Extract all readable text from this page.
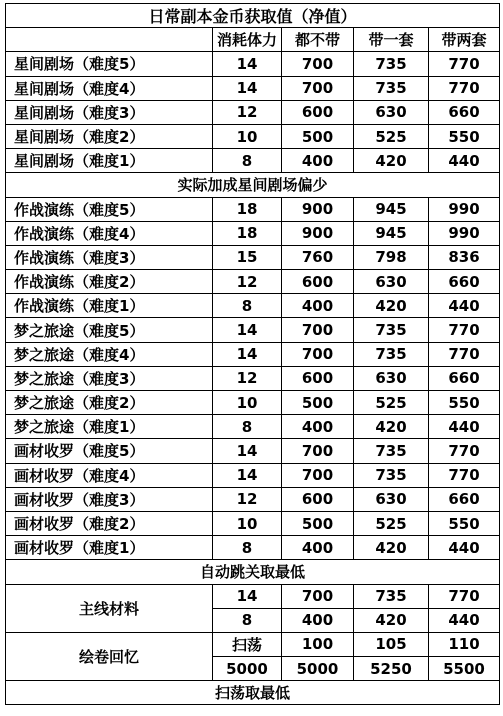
日常副本金币获取值（净值）				
	消耗体力	都不带	带一套	带两套
星间剧场（难度5）	14	700	735	770
星间剧场（难度4）	14	700	735	770
星间剧场（难度3）	12	600	630	660
星间剧场（难度2）	10	500	525	550
星间剧场（难度1）	8	400	420	440
实际加成星间剧场偏少				
作战演练（难度5）	18	900	945	990
作战演练（难度4）	18	900	945	990
作战演练（难度3）	15	760	798	836
作战演练（难度2）	12	600	630	660
作战演练（难度1）	8	400	420	440
梦之旅途（难度5）	14	700	735	770
梦之旅途（难度4）	14	700	735	770
梦之旅途（难度3）	12	600	630	660
梦之旅途（难度2）	10	500	525	550
梦之旅途（难度1）	8	400	420	440
画材收罗（难度5）	14	700	735	770
画材收罗（难度4）	14	700	735	770
画材收罗（难度3）	12	600	630	660
画材收罗（难度2）	10	500	525	550
画材收罗（难度1）	8	400	420	440
自动跳关取最低				
主线材料	14	700	735	770
	8	400	420	440
绘卷回忆	扫荡	100	105	110
	5000	5000	5250	5500
扫荡取最低				
